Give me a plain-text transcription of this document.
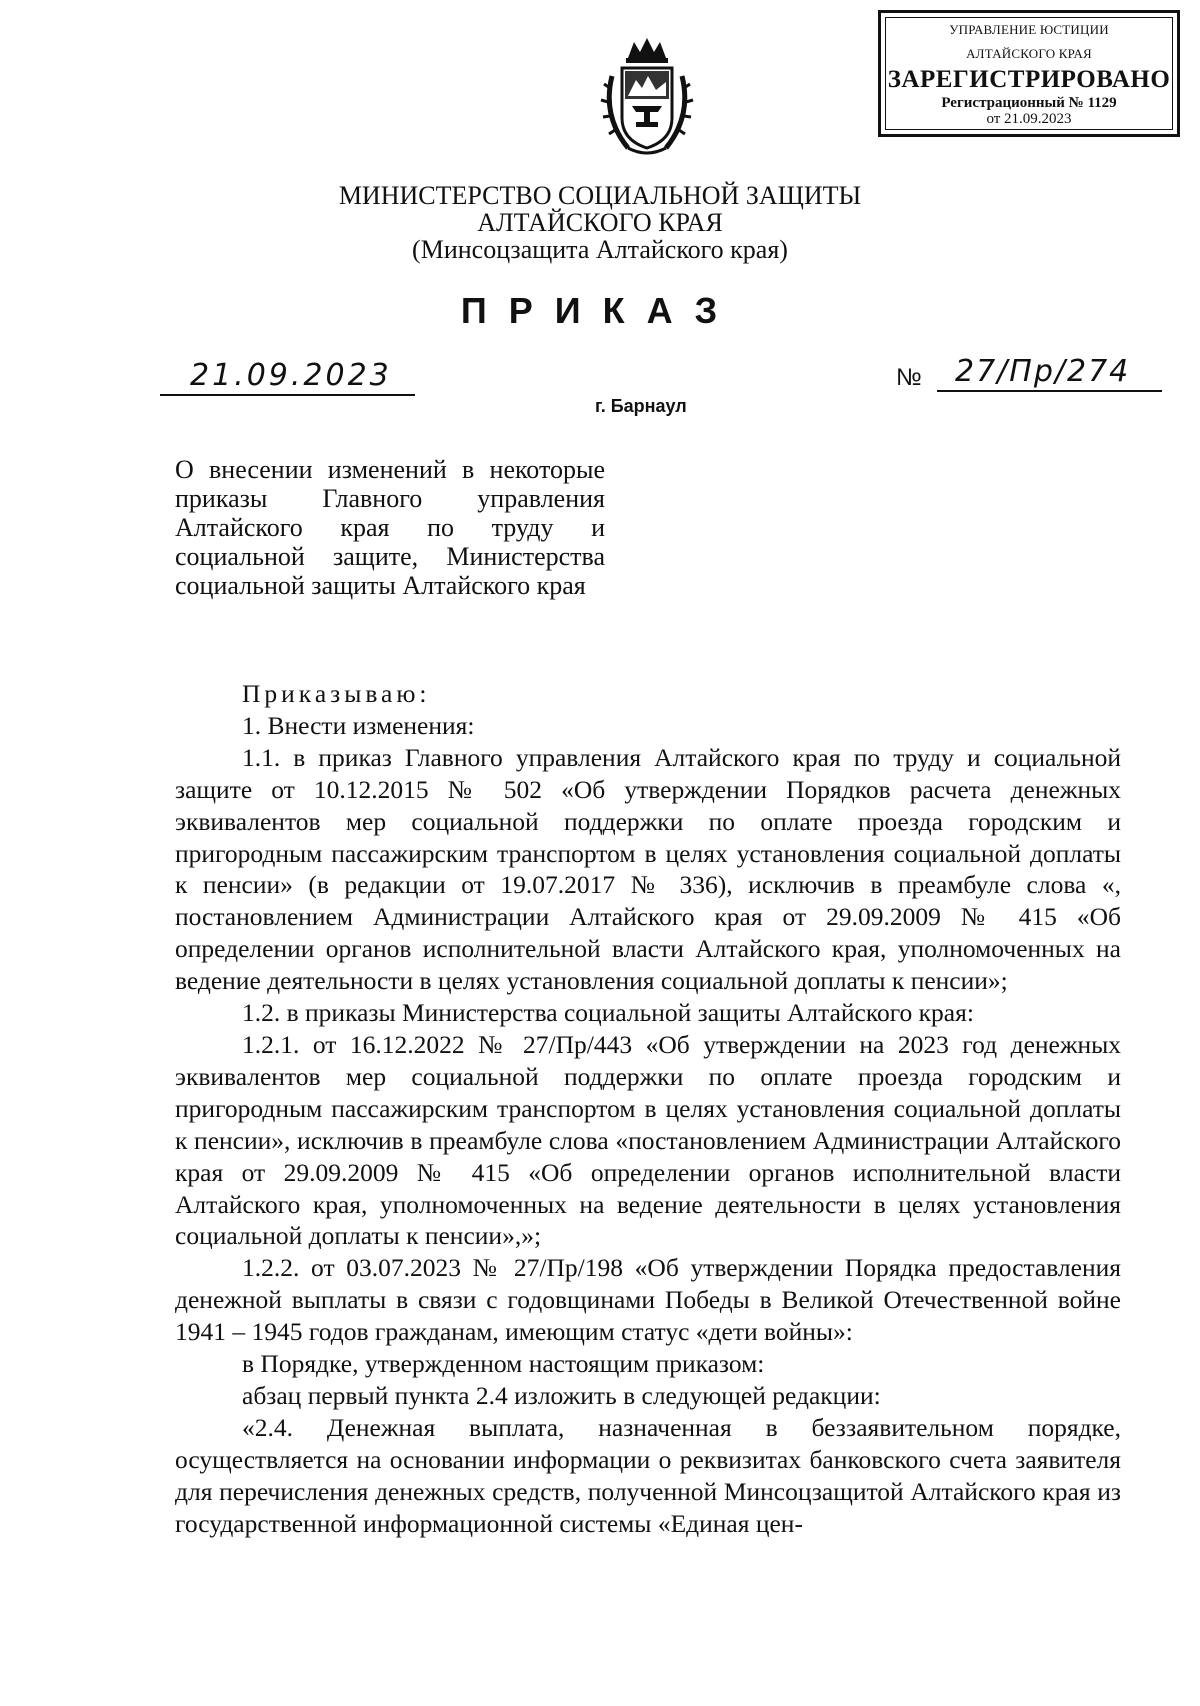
УПРАВЛЕНИЕ ЮСТИЦИИ
АЛТАЙСКОГО КРАЯ
ЗАРЕГИСТРИРОВАНО
Регистрационный № 1129
от 21.09.2023
МИНИСТЕРСТВО СОЦИАЛЬНОЙ ЗАЩИТЫ
АЛТАЙСКОГО КРАЯ
(Минсоцзащита Алтайского края)
ПРИКАЗ
21.09.2023	№ 27/Пр/274
г. Барнаул
О внесении изменений в некоторые приказы Главного управления Алтайского края по труду и социальной защите, Министерства социальной защиты Алтайского края

Приказываю:

1. Внести изменения:

1.1. в приказ Главного управления Алтайского края по труду и социальной защите от 10.12.2015 № 502 «Об утверждении Порядков расчета денежных эквивалентов мер социальной поддержки по оплате проезда городским и пригородным пассажирским транспортом в целях установления социальной доплаты к пенсии» (в редакции от 19.07.2017 № 336), исключив в преамбуле слова «, постановлением Администрации Алтайского края от 29.09.2009 № 415 «Об определении органов исполнительной власти Алтайского края, уполномоченных на ведение деятельности в целях установления социальной доплаты к пенсии»;

1.2. в приказы Министерства социальной защиты Алтайского края:

1.2.1. от 16.12.2022 № 27/Пр/443 «Об утверждении на 2023 год денежных эквивалентов мер социальной поддержки по оплате проезда городским и пригородным пассажирским транспортом в целях установления социальной доплаты к пенсии», исключив в преамбуле слова «постановлением Администрации Алтайского края от 29.09.2009 № 415 «Об определении органов исполнительной власти Алтайского края, уполномоченных на ведение деятельности в целях установления социальной доплаты к пенсии»,»;

1.2.2. от 03.07.2023 № 27/Пр/198 «Об утверждении Порядка предоставления денежной выплаты в связи с годовщинами Победы в Великой Отечественной войне 1941 – 1945 годов гражданам, имеющим статус «дети войны»:

в Порядке, утвержденном настоящим приказом:

абзац первый пункта 2.4 изложить в следующей редакции:

«2.4. Денежная выплата, назначенная в беззаявительном порядке, осуществляется на основании информации о реквизитах банковского счета заявителя для перечисления денежных средств, полученной Минсоцзащитой Алтайского края из государственной информационной системы «Единая цен-
